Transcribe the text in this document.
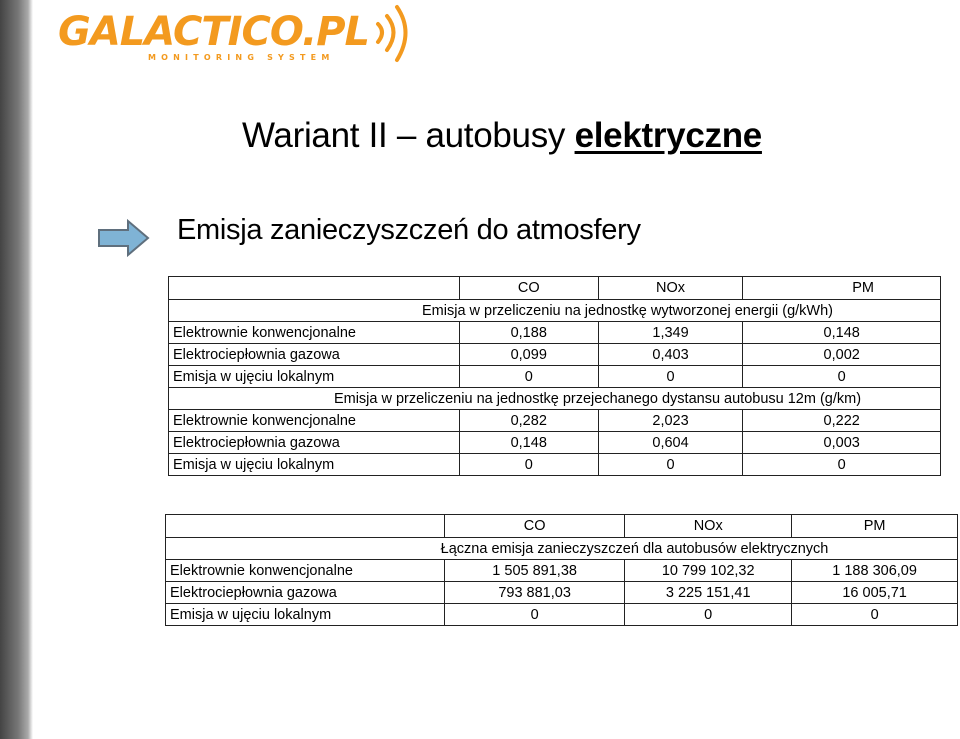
GALACTICO.PL
MONITORING SYSTEM
Wariant II – autobusy elektryczne
Emisja zanieczyszczeń do atmosfery
	CO	NOx	PM
Emisja w przeliczeniu na jednostkę wytworzonej energii (g/kWh)			
Elektrownie konwencjonalne	0,188	1,349	0,148
Elektrociepłownia gazowa	0,099	0,403	0,002
Emisja w ujęciu lokalnym	0	0	0
Emisja w przeliczeniu na jednostkę przejechanego dystansu autobusu 12m (g/km)			
Elektrownie konwencjonalne	0,282	2,023	0,222
Elektrociepłownia gazowa	0,148	0,604	0,003
Emisja w ujęciu lokalnym	0	0	0
	CO	NOx	PM
Łączna emisja zanieczyszczeń dla autobusów elektrycznych			
Elektrownie konwencjonalne	1 505 891,38	10 799 102,32	1 188 306,09
Elektrociepłownia gazowa	793 881,03	3 225 151,41	16 005,71
Emisja w ujęciu lokalnym	0	0	0
